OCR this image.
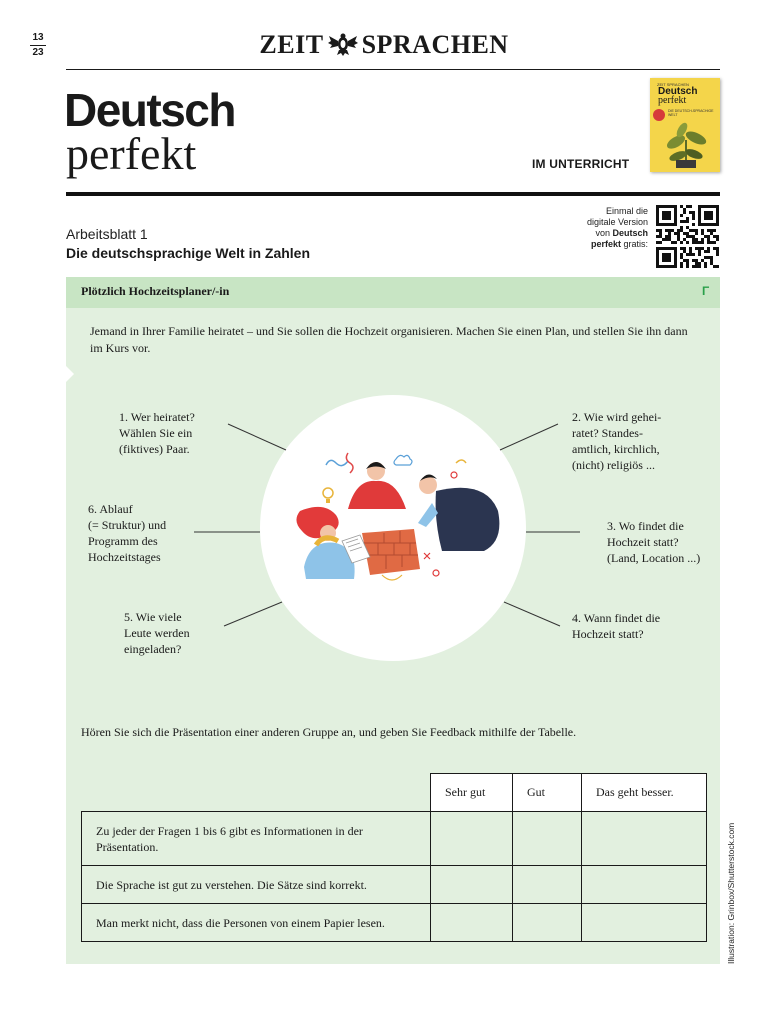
13
23	ZEIT SPRACHEN
Deutsch
perfekt	IM UNTERRICHT
ZEIT SPRACHEN
Deutsch
perfekt
DIE DEUTSCH-SPRACHIGE WELT
Arbeitsblatt 1
Die deutschsprachige Welt in Zahlen
Einmal die
digitale Version
von Deutsch
perfekt gratis:
Plötzlich Hochzeitsplaner/-in	Γ
Jemand in Ihrer Familie heiratet – und Sie sollen die Hochzeit organisieren. Machen Sie einen Plan, und stellen Sie ihn dann im Kurs vor.
1. Wer heiratet?
Wählen Sie ein
(fiktives) Paar.
2. Wie wird gehei-
ratet? Standes-
amtlich, kirchlich,
(nicht) religiös ...
3. Wo findet die
Hochzeit statt?
(Land, Location ...)
4. Wann findet die
Hochzeit statt?
5. Wie viele
Leute werden
eingeladen?
6. Ablauf
(= Struktur) und
Programm des
Hochzeitstages
Hören Sie sich die Präsentation einer anderen Gruppe an, und geben Sie Feedback mithilfe der Tabelle.
	Sehr gut	Gut	Das geht besser.
Zu jeder der Fragen 1 bis 6 gibt es Informationen in der Präsentation.			
Die Sprache ist gut zu verstehen. Die Sätze sind korrekt.			
Man merkt nicht, dass die Personen von einem Papier lesen.				Illustration: Grinbox/Shutterstock.com
